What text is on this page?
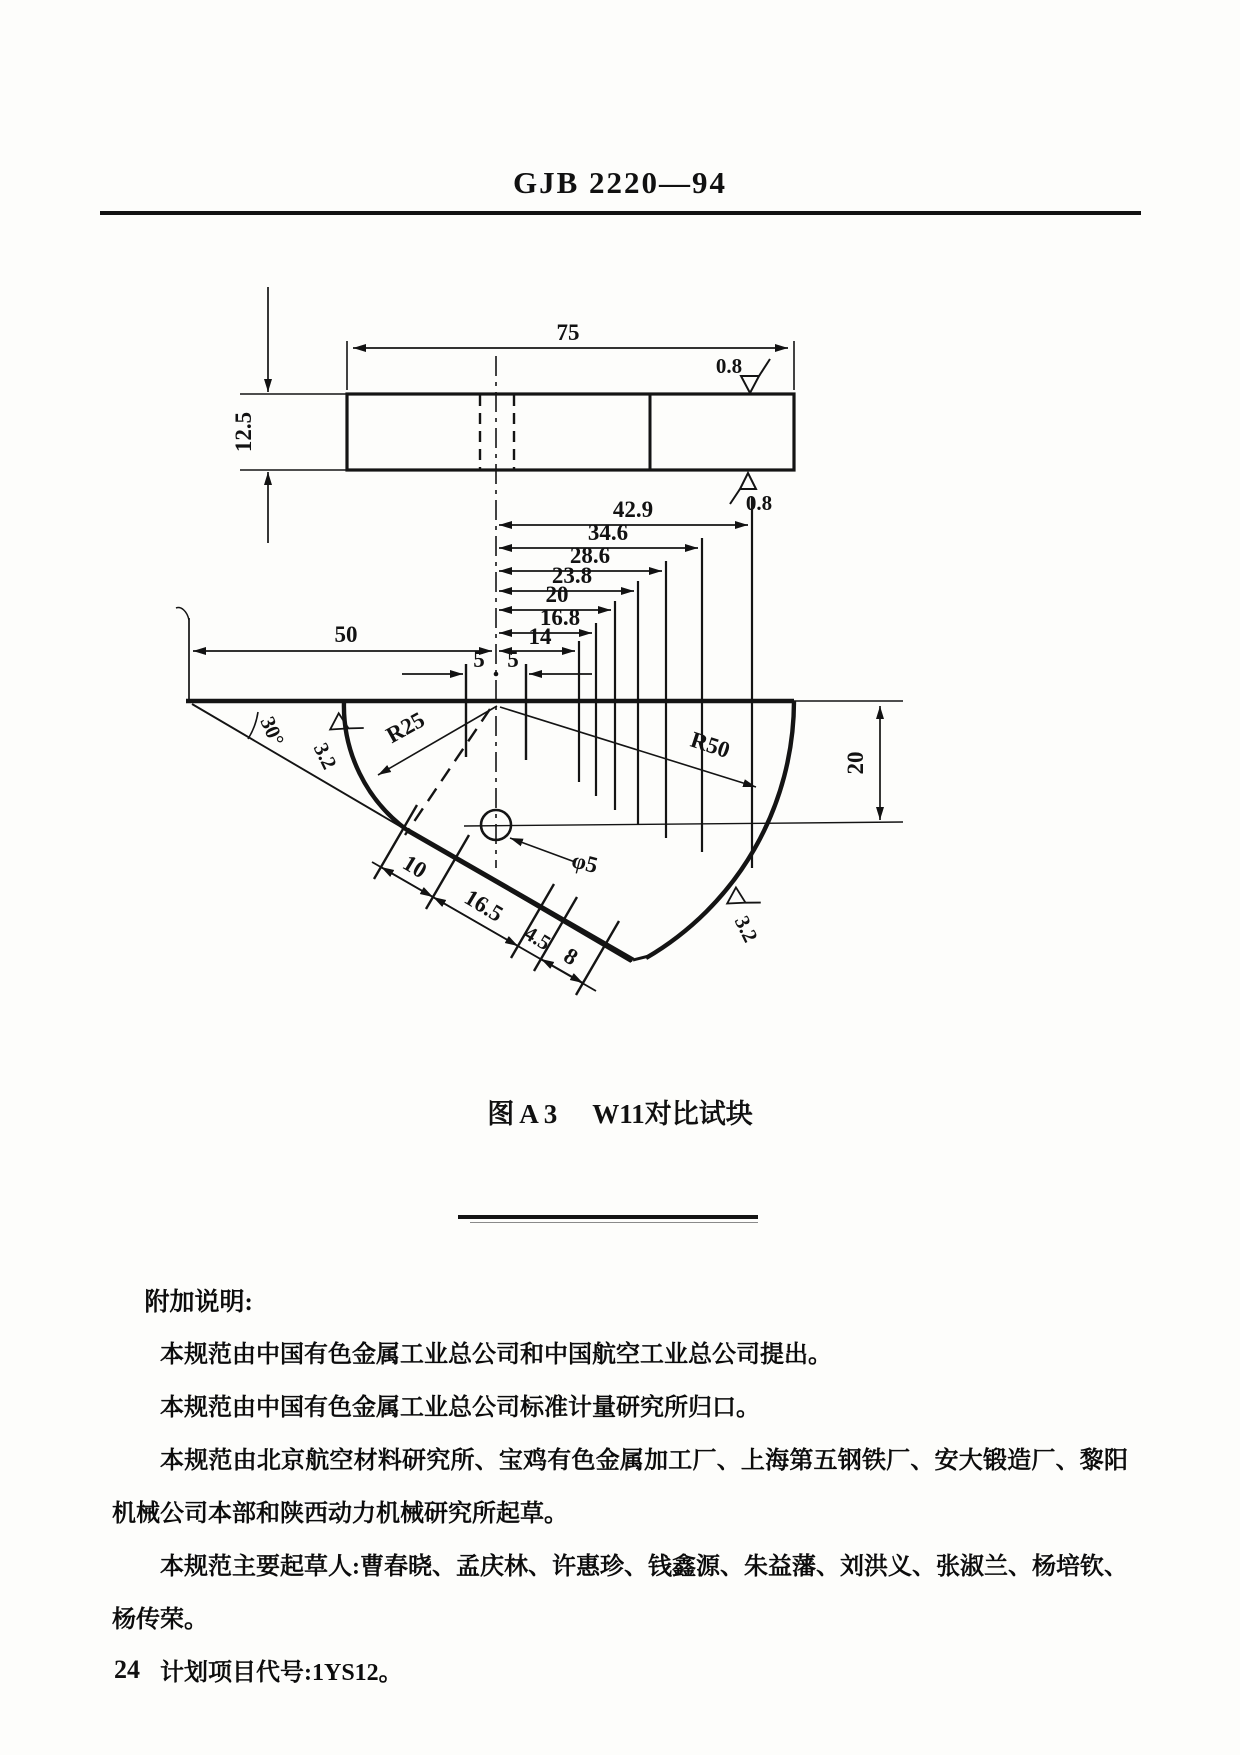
GJB 2220—94
75
12.5
0.8
0.8
42.9
34.6
28.6
23.8
20
16.8
14
5 5
50
30°
3.2
R25	R50
φ5
20
10
16.5
4.5
8
3.2
图A3 W11对比试块
附加说明:

本规范由中国有色金属工业总公司和中国航空工业总公司提出。

本规范由中国有色金属工业总公司标准计量研究所归口。

本规范由北京航空材料研究所、宝鸡有色金属加工厂、上海第五钢铁厂、安大锻造厂、黎阳机械公司本部和陕西动力机械研究所起草。

本规范主要起草人:曹春晓、孟庆林、许惠珍、钱鑫源、朱益藩、刘洪义、张淑兰、杨培钦、杨传荣。

计划项目代号:1YS12。

24
